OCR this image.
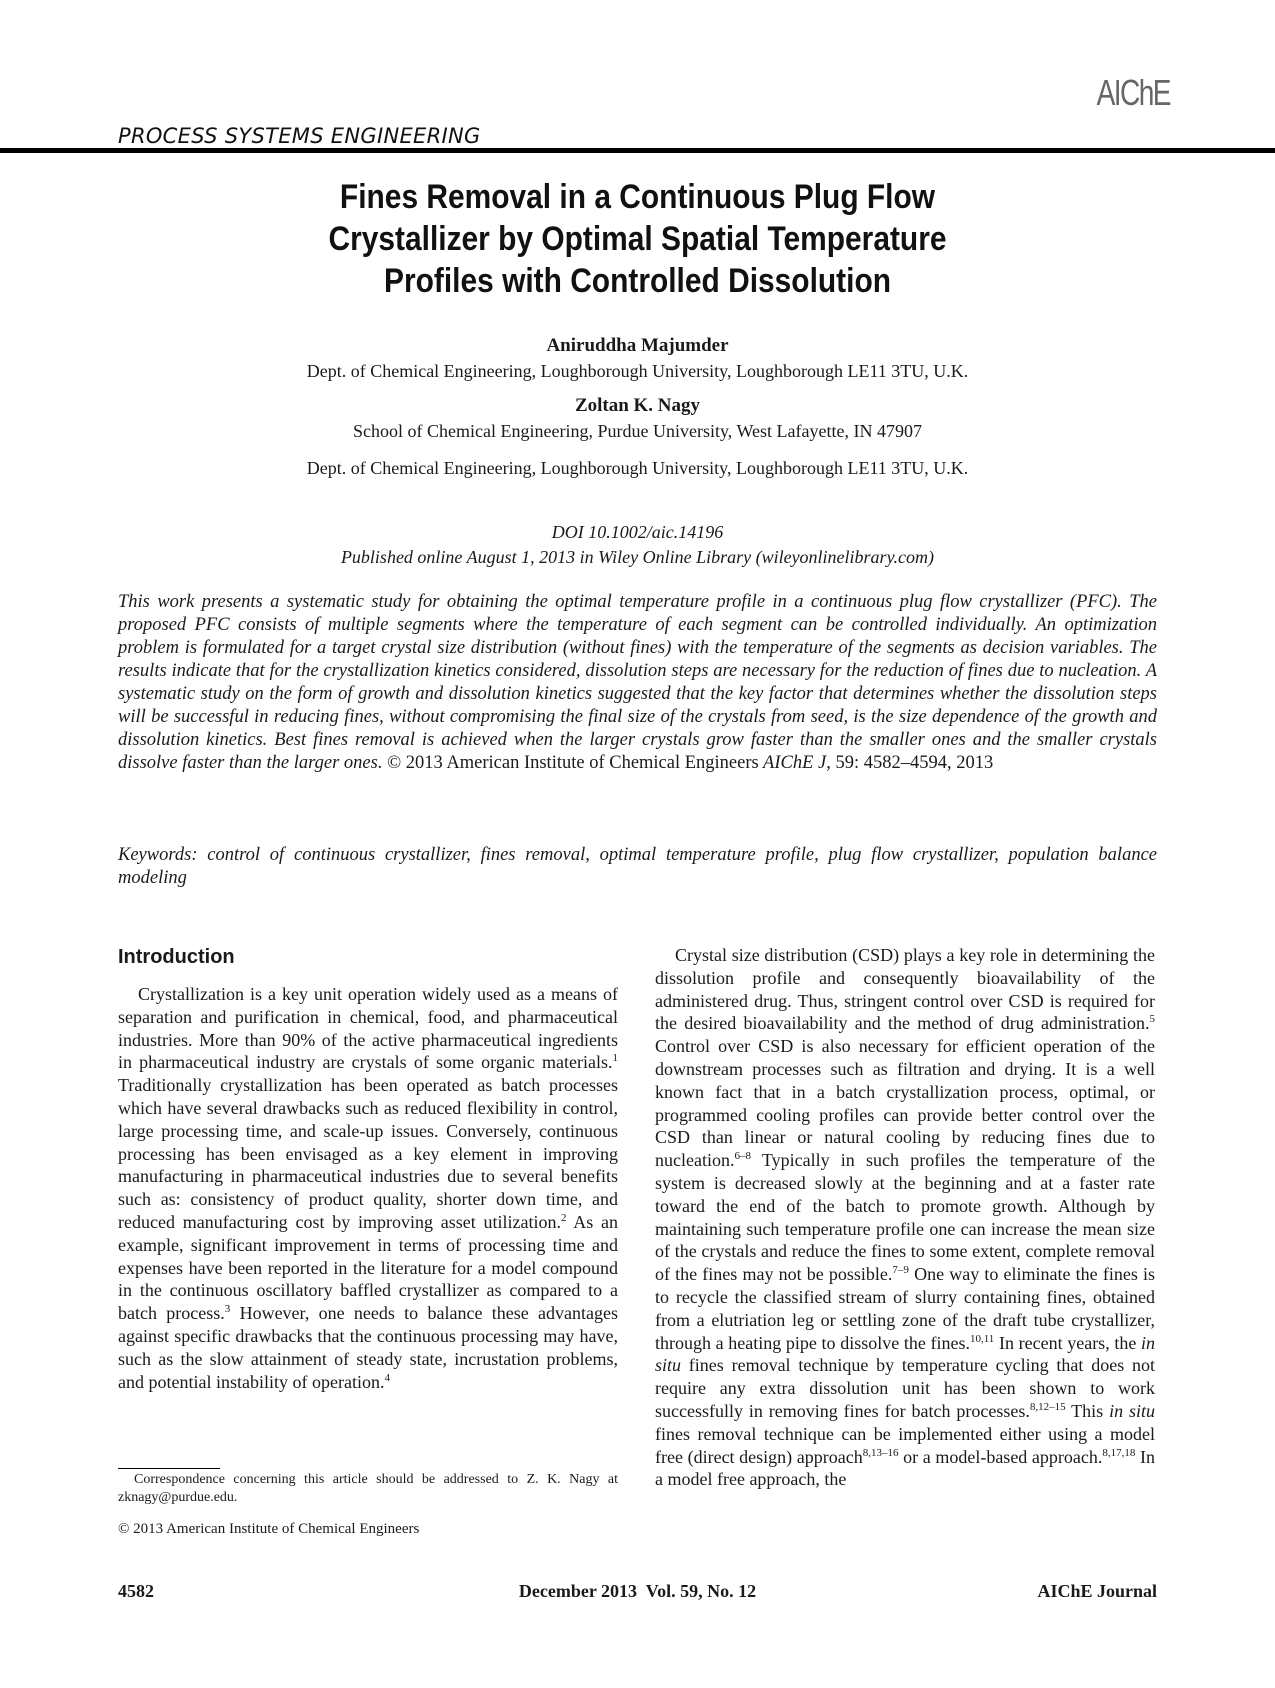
AIChE
PROCESS SYSTEMS ENGINEERING
Fines Removal in a Continuous Plug Flow
Crystallizer by Optimal Spatial Temperature
Profiles with Controlled Dissolution
Aniruddha Majumder
Dept. of Chemical Engineering, Loughborough University, Loughborough LE11 3TU, U.K.
Zoltan K. Nagy
School of Chemical Engineering, Purdue University, West Lafayette, IN 47907
Dept. of Chemical Engineering, Loughborough University, Loughborough LE11 3TU, U.K.
DOI 10.1002/aic.14196
Published online August 1, 2013 in Wiley Online Library (wileyonlinelibrary.com)
This work presents a systematic study for obtaining the optimal temperature profile in a continuous plug flow crystallizer (PFC). The proposed PFC consists of multiple segments where the temperature of each segment can be controlled individually. An optimization problem is formulated for a target crystal size distribution (without fines) with the temperature of the segments as decision variables. The results indicate that for the crystallization kinetics considered, dissolution steps are necessary for the reduction of fines due to nucleation. A systematic study on the form of growth and dissolution kinetics suggested that the key factor that determines whether the dissolution steps will be successful in reducing fines, without compromising the final size of the crystals from seed, is the size dependence of the growth and dissolution kinetics. Best fines removal is achieved when the larger crystals grow faster than the smaller ones and the smaller crystals dissolve faster than the larger ones. © 2013 American Institute of Chemical Engineers AIChE J, 59: 4582–4594, 2013
Keywords: control of continuous crystallizer, fines removal, optimal temperature profile, plug flow crystallizer, population balance modeling
Introduction

Crystallization is a key unit operation widely used as a means of separation and purification in chemical, food, and pharmaceutical industries. More than 90% of the active pharmaceutical ingredients in pharmaceutical industry are crystals of some organic materials.$^1$ Traditionally crystallization has been operated as batch processes which have several drawbacks such as reduced flexibility in control, large processing time, and scale-up issues. Conversely, continuous processing has been envisaged as a key element in improving manufacturing in pharmaceutical industries due to several benefits such as: consistency of product quality, shorter down time, and reduced manufacturing cost by improving asset utilization.$^2$ As an example, significant improvement in terms of processing time and expenses have been reported in the literature for a model compound in the continuous oscillatory baffled crystallizer as compared to a batch process.$^3$ However, one needs to balance these advantages against specific drawbacks that the continuous processing may have, such as the slow attainment of steady state, incrustation problems, and potential instability of operation.$^4$

Crystal size distribution (CSD) plays a key role in determining the dissolution profile and consequently bioavailability of the administered drug. Thus, stringent control over CSD is required for the desired bioavailability and the method of drug administration.$^5$ Control over CSD is also necessary for efficient operation of the downstream processes such as filtration and drying. It is a well known fact that in a batch crystallization process, optimal, or programmed cooling profiles can provide better control over the CSD than linear or natural cooling by reducing fines due to nucleation.$^{6-8}$ Typically in such profiles the temperature of the system is decreased slowly at the beginning and at a faster rate toward the end of the batch to promote growth. Although by maintaining such temperature profile one can increase the mean size of the crystals and reduce the fines to some extent, complete removal of the fines may not be possible.$^{7-9}$ One way to eliminate the fines is to recycle the classified stream of slurry containing fines, obtained from a elutriation leg or settling zone of the draft tube crystallizer, through a heating pipe to dissolve the fines.$^{10,11}$ In recent years, the in situ fines removal technique by temperature cycling that does not require any extra dissolution unit has been shown to work successfully in removing fines for batch processes.$^{8,12-15}$ This in situ fines removal technique can be implemented either using a model free (direct design) approach$^{8,13-16}$ or a model-based approach.$^{8,17,18}$ In a model free approach, the

Correspondence concerning this article should be addressed to Z. K. Nagy at zknagy@purdue.edu.
© 2013 American Institute of Chemical Engineers
4582	December 2013  Vol. 59, No. 12	AIChE Journal
